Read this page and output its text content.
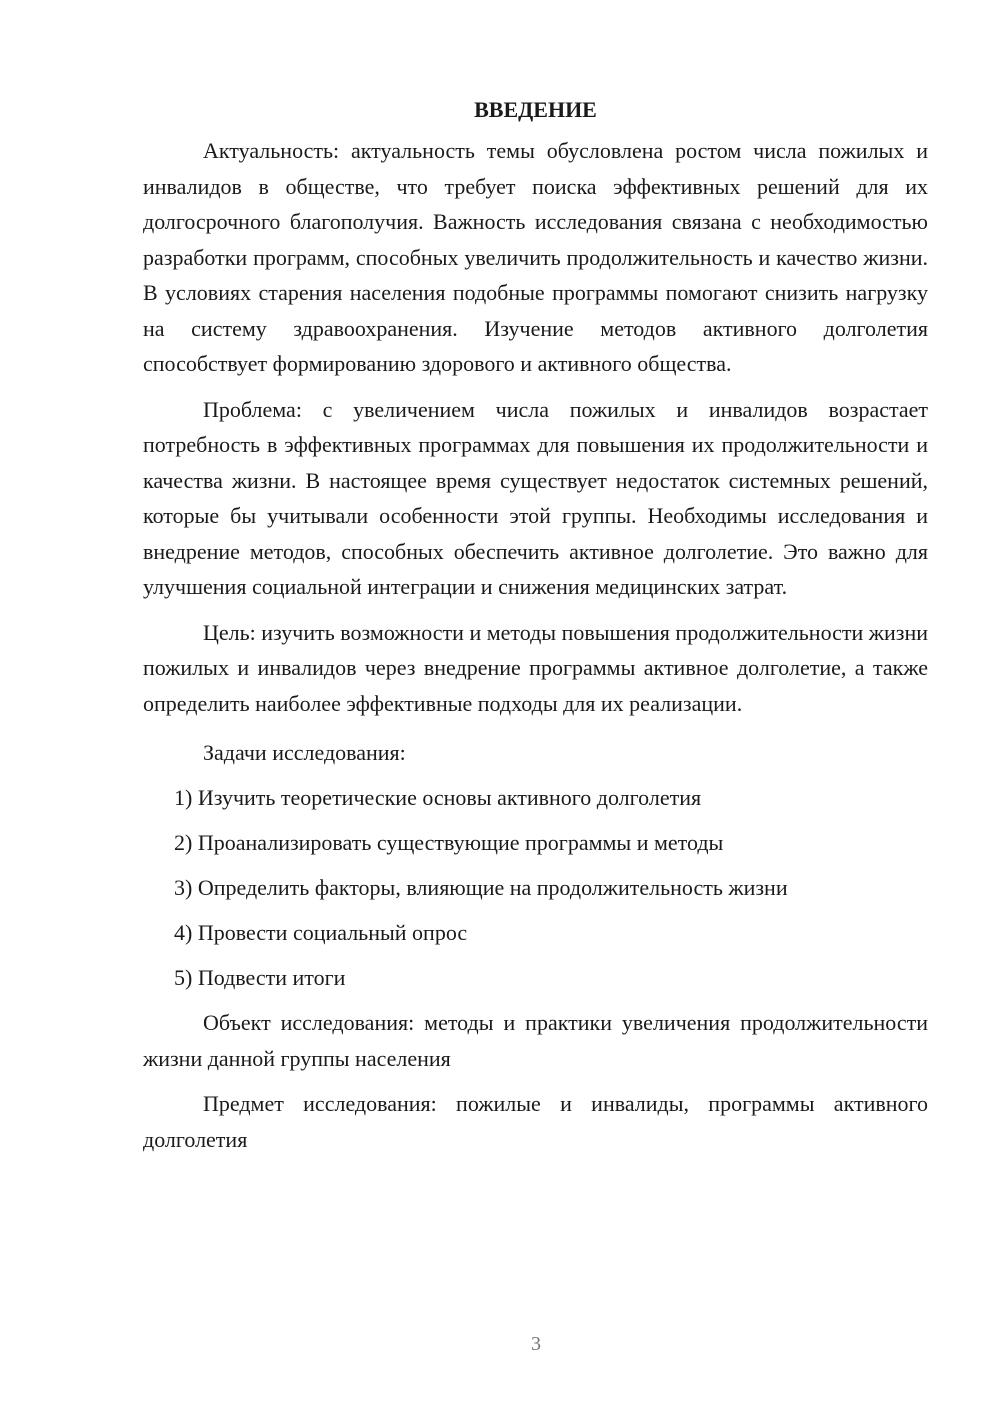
ВВЕДЕНИЕ

Актуальность: актуальность темы обусловлена ростом числа пожилых и инвалидов в обществе, что требует поиска эффективных решений для их долгосрочного благополучия. Важность исследования связана с необходимостью разработки программ, способных увеличить продолжительность и качество жизни. В условиях старения населения подобные программы помогают снизить нагрузку на систему здравоохранения. Изучение методов активного долголетия способствует формированию здорового и активного общества.

Проблема: с увеличением числа пожилых и инвалидов возрастает потребность в эффективных программах для повышения их продолжительности и качества жизни. В настоящее время существует недостаток системных решений, которые бы учитывали особенности этой группы. Необходимы исследования и внедрение методов, способных обеспечить активное долголетие. Это важно для улучшения социальной интеграции и снижения медицинских затрат.

Цель: изучить возможности и методы повышения продолжительности жизни пожилых и инвалидов через внедрение программы активное долголетие, а также определить наиболее эффективные подходы для их реализации.

Задачи исследования:

1) Изучить теоретические основы активного долголетия
2) Проанализировать существующие программы и методы
3) Определить факторы, влияющие на продолжительность жизни
4) Провести социальный опрос
5) Подвести итоги

Объект исследования: методы и практики увеличения продолжительности жизни данной группы населения

Предмет исследования: пожилые и инвалиды, программы активного долголетия

3
